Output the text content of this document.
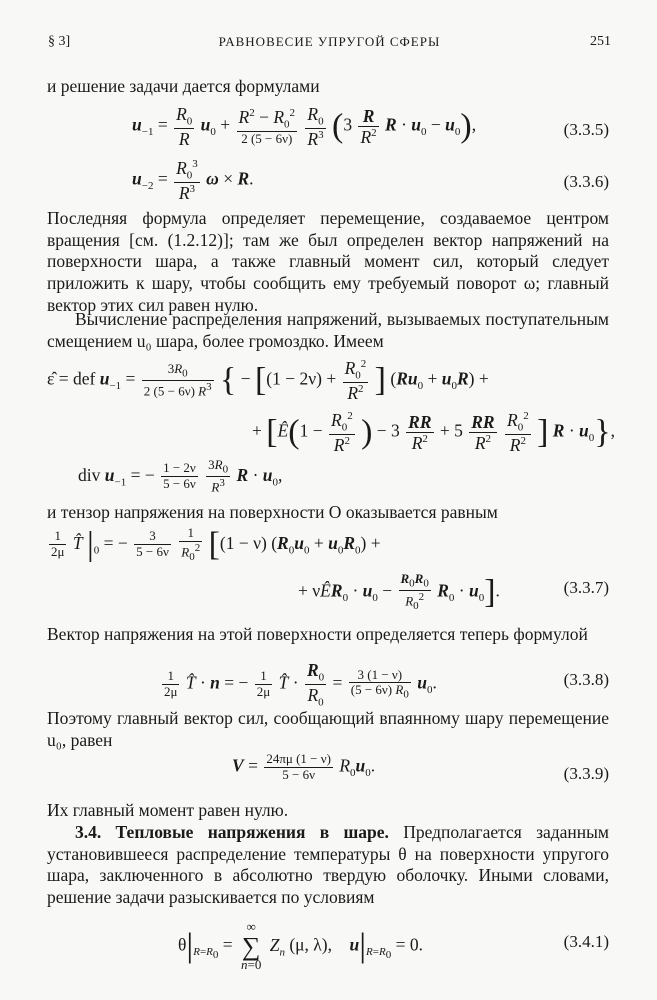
§ 3]	РАВНОВЕСИЕ УПРУГОЙ СФЕРЫ	251
и решение задачи дается формулами
$u_{-1} = \frac{R_0}{R} u_0 + \frac{R^2 - R_0^2}{2 (5 - 6\nu)}$
$\frac{R_0}{R^3} (3 \frac{R}{R^2}$ $R \cdot u_0 - u_0$),	(3.3.5)
$u_{-2} = \frac{R_0^3}{R^3}$ ω × R.	(3.3.6)
Последняя формула определяет перемещение, создаваемое центром вращения [см. (1.2.12)]; там же был определен вектор напряжений на поверхности шара, а также главный момент сил, который следует приложить к шару, чтобы сообщить ему требуемый поворот ω; главный вектор этих сил равен нулю.
Вычисление распределения напряжений, вызываемых поступательным смещением u₀ шара, более громоздко. Имеем
ε̂ = def $u_{-1} = \frac{3R_0}{2 (5 - 6\nu) R^3}$ { − [$(1 - 2\nu) + \frac{R_0^2}{R^2}$ ] $(Ru_0 + u_0R)$ +
+ [Ê(1 − $\frac{R_0^2}{R^2}$ ) − $3 \frac{RR}{R^2} + 5 \frac{RR}{R^2}$
$\frac{R_0^2}{R^2}$ ] $R \cdot u_0$},
div $u_{-1}$ = − $\frac{1 - 2\nu}{5 - 6\nu}$
$\frac{3R_0}{R^3}$ $R \cdot u_0$,
и тензор напряжения на поверхности O оказывается равным
$\frac{1}{2\mu}$ T̂ $|_0$ = − $\frac{3}{5 - 6\nu}$
$\frac{1}{R_0^2} [(1 - \nu) (R_0u_0 + u_0R_0)$ +
+ νÊR$_0$ · $u_0 - \frac{R_0R_0}{R_0^2} R_0 \cdot u_0$].	(3.3.7)
Вектор напряжения на этой поверхности определяется теперь формулой
$\frac{1}{2\mu}$ T̂ · n = − $\frac{1}{2\mu}$ T̂ · $\frac{R_0}{R_0} = \frac{3 (1 - \nu)}{(5 - 6\nu) R_0} u_0$.	(3.3.8)
Поэтому главный вектор сил, сообщающий впаянному шару перемещение u₀, равен
$V = \frac{24\pi\mu (1 - \nu)}{5 - 6\nu} R_0u_0$.	(3.3.9)
Их главный момент равен нулю.
3.4. Тепловые напряжения в шаре. Предполагается заданным установившееся распределение температуры θ на поверхности упругого шара, заключенного в абсолютно твердую оболочку. Иными словами, решение задачи разыскивается по условиям
$\theta|_{R=R_0}$ =
∞
∑
n=0
$Z_n$ (μ, λ),    $u|_{R=R_0} = 0$.	(3.4.1)
